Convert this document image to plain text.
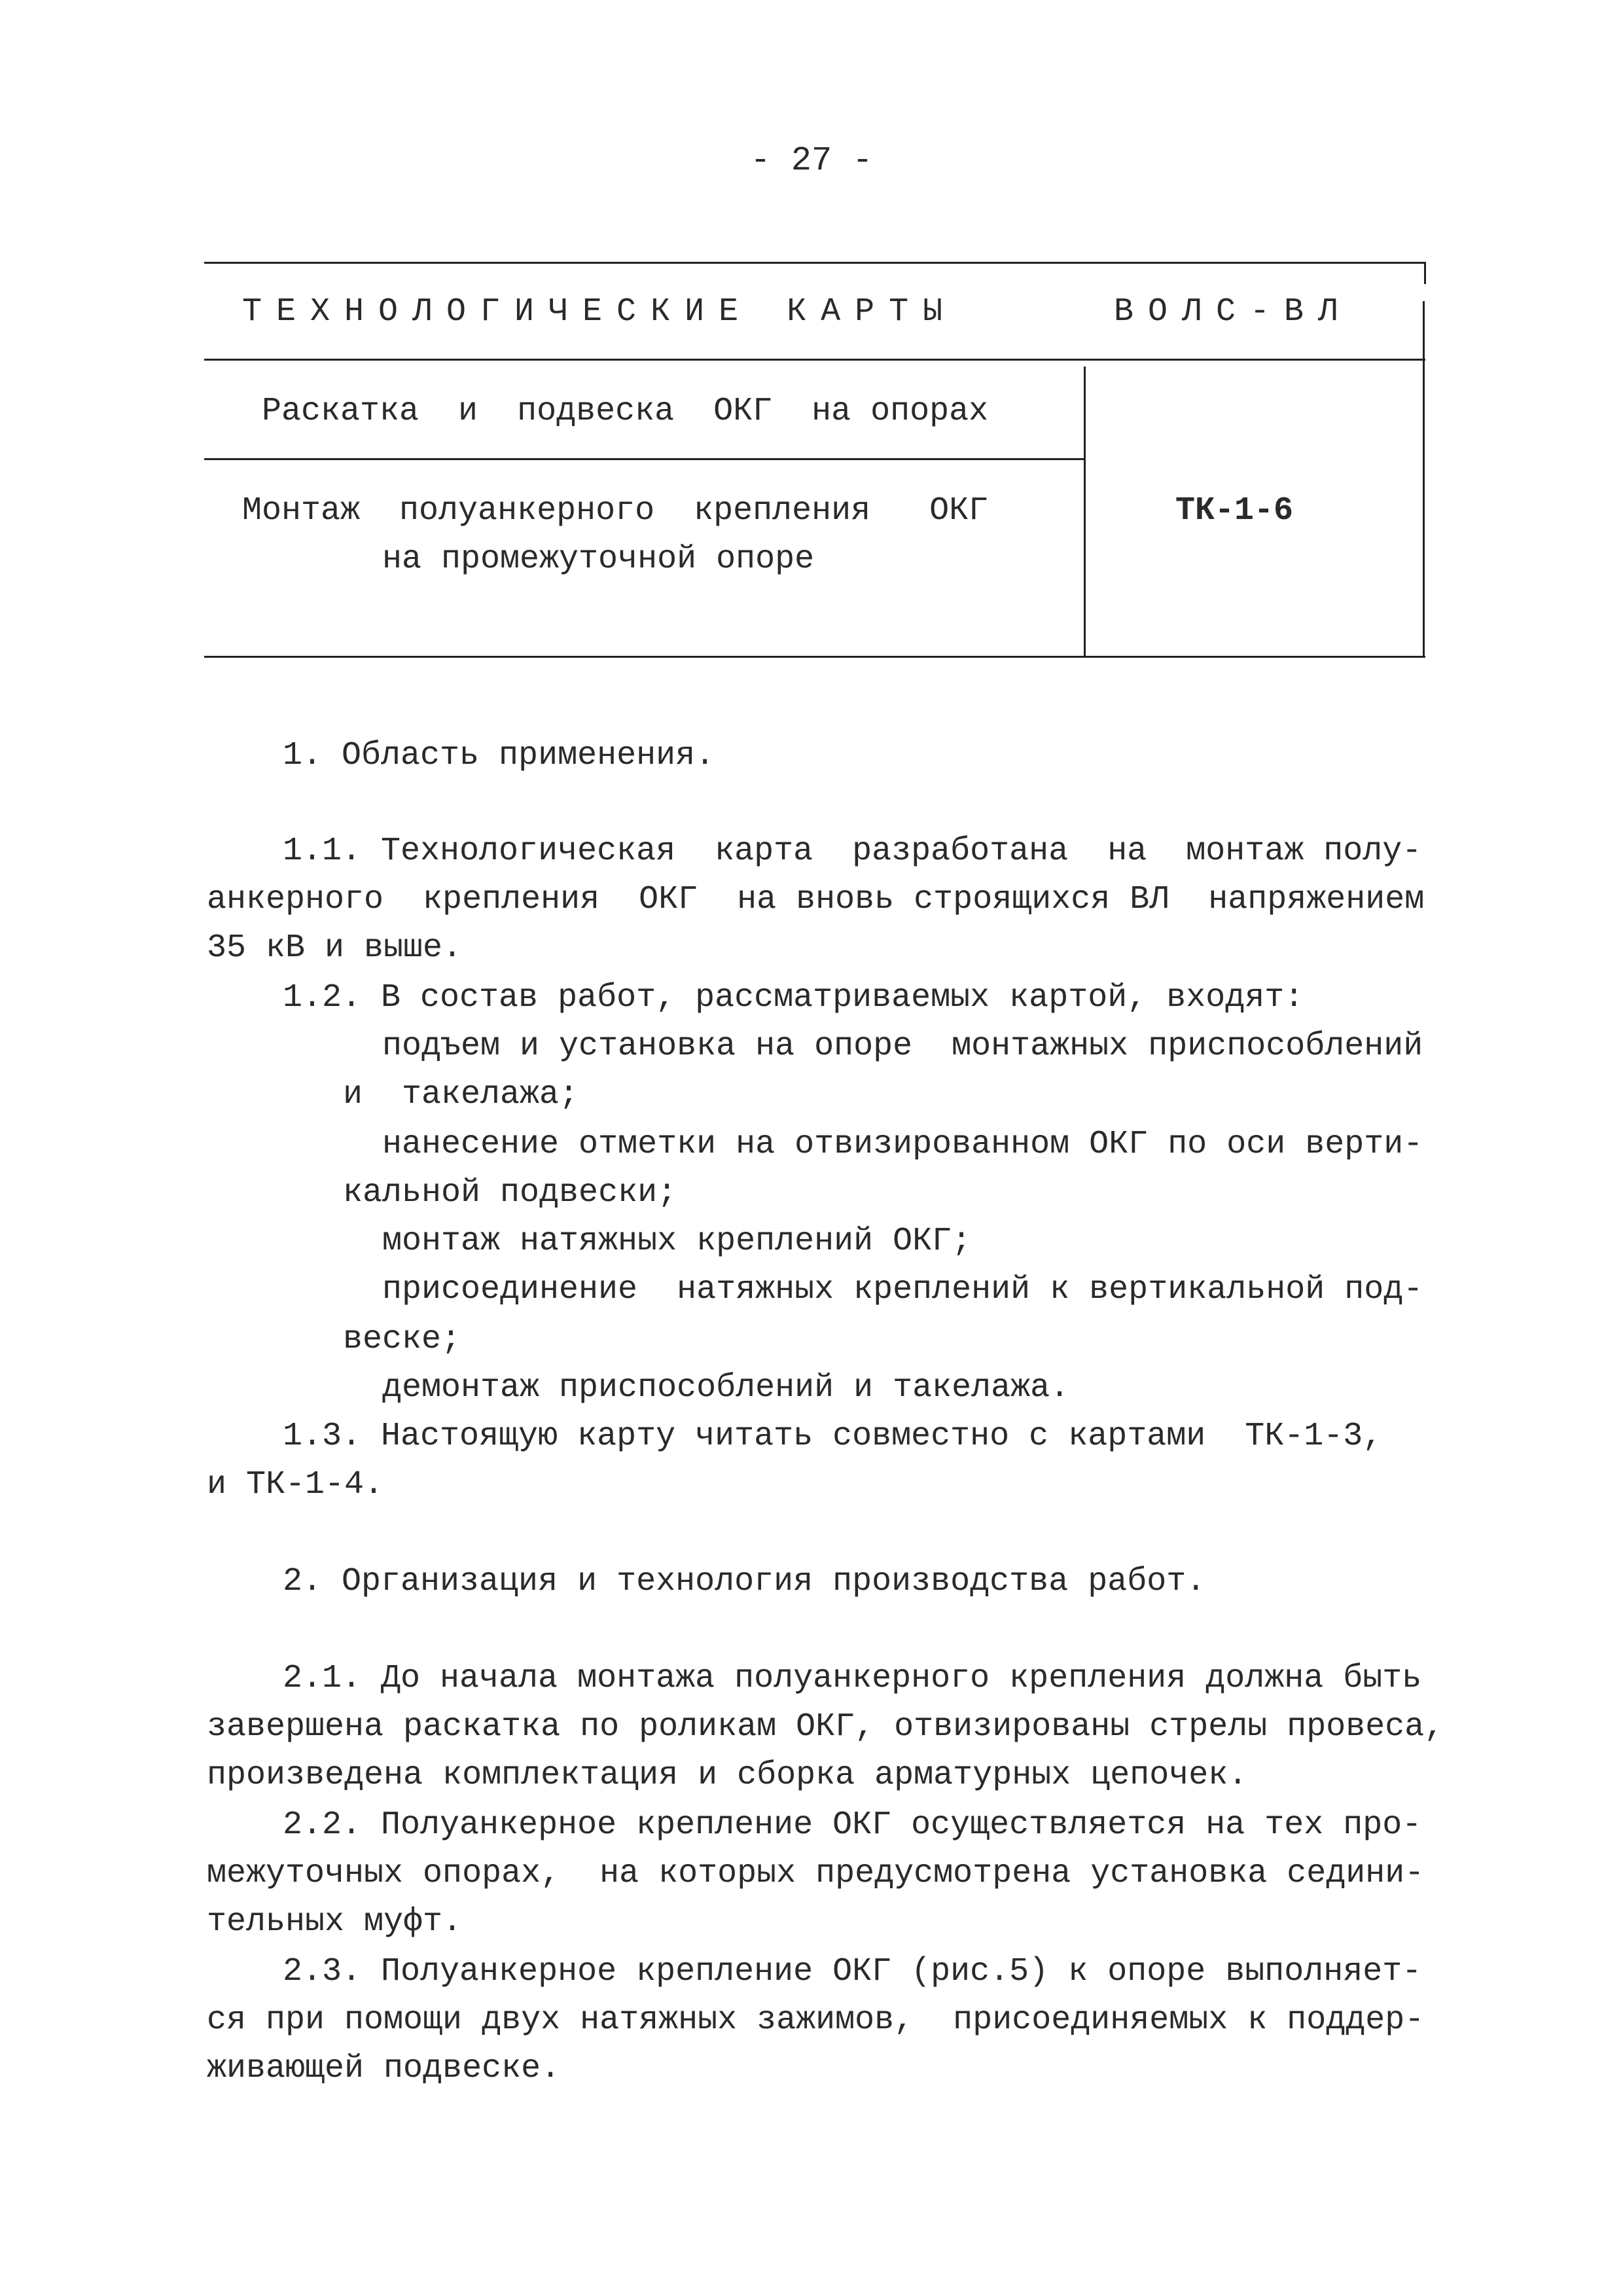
- 27 -
ТЕХНОЛОГИЧЕСКИЕ КАРТЫ	ВОЛС-ВЛ
Раскатка  и  подвеска  ОКГ  на опорах
Монтаж  полуанкерного  крепления   ОКГ
на промежуточной опоре
ТК-1-6
1. Область применения.
1.1. Технологическая  карта  разработана  на  монтаж полу-
анкерного  крепления  ОКГ  на вновь строящихся ВЛ  напряжением
35 кВ и выше.
1.2. В состав работ, рассматриваемых картой, входят:
подъем и установка на опоре  монтажных приспособлений
и  такелажа;
нанесение отметки на отвизированном ОКГ по оси верти-
кальной подвески;
монтаж натяжных креплений ОКГ;
присоединение  натяжных креплений к вертикальной под-
веске;
демонтаж приспособлений и такелажа.
1.3. Настоящую карту читать совместно с картами  ТК-1-3,
и ТК-1-4.
2. Организация и технология производства работ.
2.1. До начала монтажа полуанкерного крепления должна быть
завершена раскатка по роликам ОКГ, отвизированы стрелы провеса,
произведена комплектация и сборка арматурных цепочек.
2.2. Полуанкерное крепление ОКГ осуществляется на тех про-
межуточных опорах,  на которых предусмотрена установка седини-
тельных муфт.
2.3. Полуанкерное крепление ОКГ (рис.5) к опоре выполняет-
ся при помощи двух натяжных зажимов,  присоединяемых к поддер-
живающей подвеске.
